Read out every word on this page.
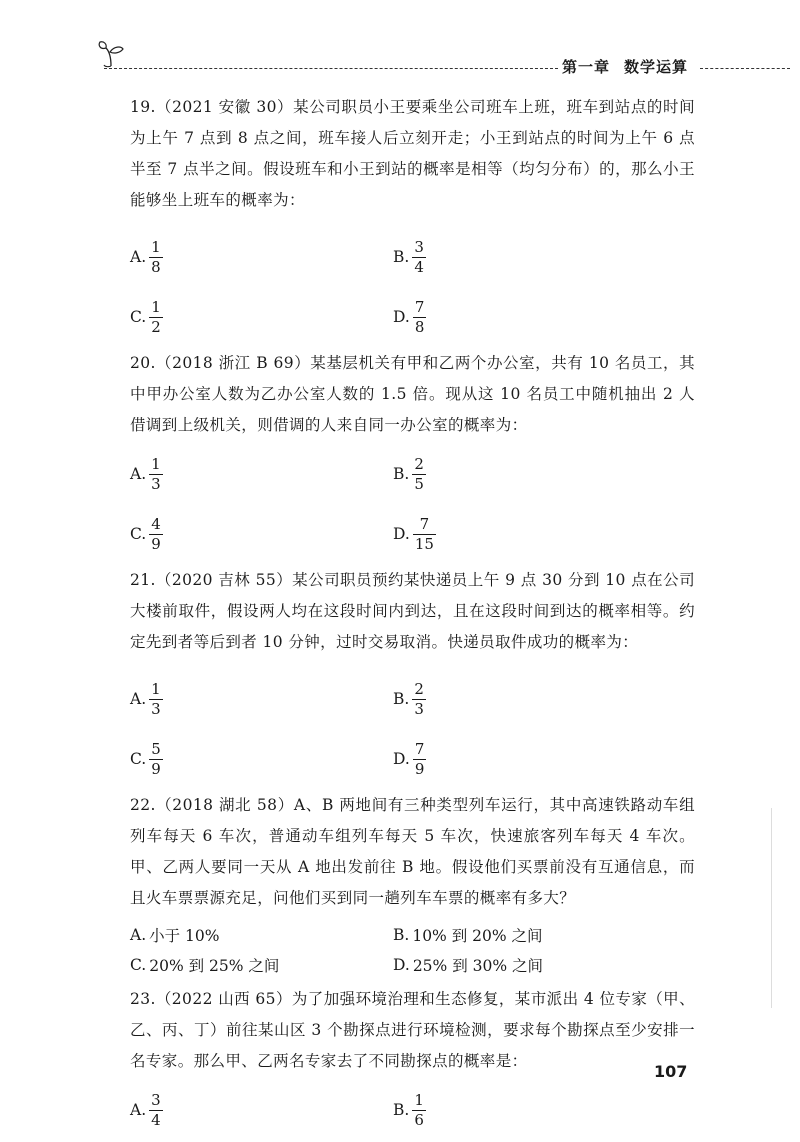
第一章 数学运算
19.（2021 安徽 30）某公司职员小王要乘坐公司班车上班，班车到站点的时间为上午 7 点到 8 点之间，班车接人后立刻开走；小王到站点的时间为上午 6 点半至 7 点半之间。假设班车和小王到站的概率是相等（均匀分布）的，那么小王能够坐上班车的概率为：
A. $\frac{1}{8}$	B. $\frac{3}{4}$
C. $\frac{1}{2}$	D. $\frac{7}{8}$
20.（2018 浙江 B 69）某基层机关有甲和乙两个办公室，共有 10 名员工，其中甲办公室人数为乙办公室人数的 1.5 倍。现从这 10 名员工中随机抽出 2 人借调到上级机关，则借调的人来自同一办公室的概率为：
A. $\frac{1}{3}$	B. $\frac{2}{5}$
C. $\frac{4}{9}$	D. $\frac{7}{15}$
21.（2020 吉林 55）某公司职员预约某快递员上午 9 点 30 分到 10 点在公司大楼前取件，假设两人均在这段时间内到达，且在这段时间到达的概率相等。约定先到者等后到者 10 分钟，过时交易取消。快递员取件成功的概率为：
A. $\frac{1}{3}$	B. $\frac{2}{3}$
C. $\frac{5}{9}$	D. $\frac{7}{9}$
22.（2018 湖北 58）A、B 两地间有三种类型列车运行，其中高速铁路动车组列车每天 6 车次，普通动车组列车每天 5 车次，快速旅客列车每天 4 车次。甲、乙两人要同一天从 A 地出发前往 B 地。假设他们买票前没有互通信息，而且火车票票源充足，问他们买到同一趟列车车票的概率有多大？
A. 小于 10%	B. 10% 到 20% 之间
C. 20% 到 25% 之间	D. 25% 到 30% 之间
23.（2022 山西 65）为了加强环境治理和生态修复，某市派出 4 位专家（甲、乙、丙、丁）前往某山区 3 个勘探点进行环境检测，要求每个勘探点至少安排一名专家。那么甲、乙两名专家去了不同勘探点的概率是：
A. $\frac{3}{4}$	B. $\frac{1}{6}$
107
